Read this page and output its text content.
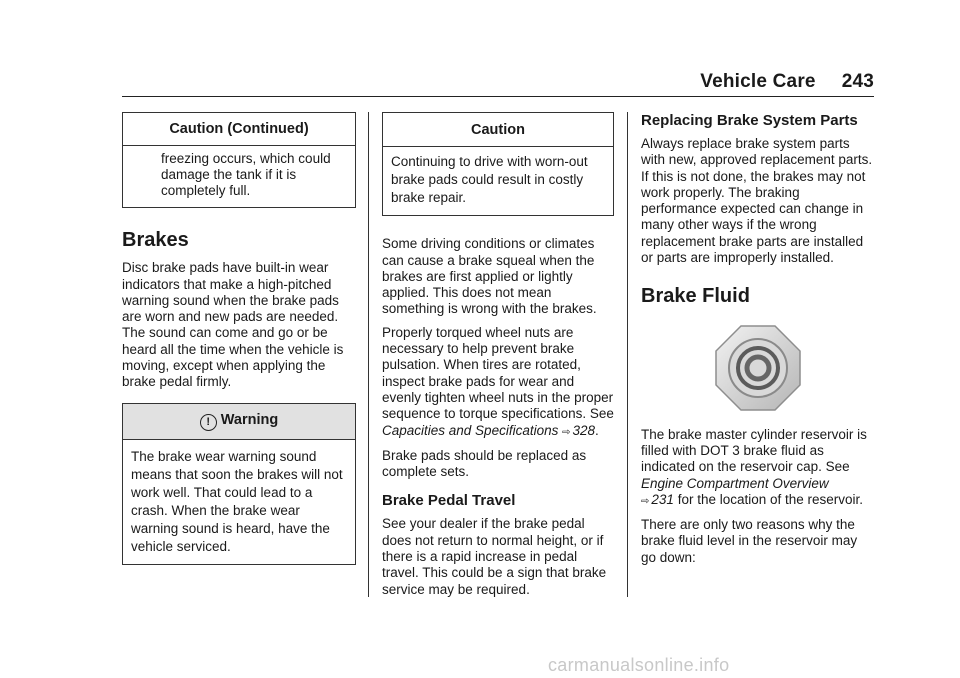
Vehicle Care 243
Caution (Continued)
freezing occurs, which could damage the tank if it is completely full.
Brakes

Disc brake pads have built-in wear indicators that make a high-pitched warning sound when the brake pads are worn and new pads are needed. The sound can come and go or be heard all the time when the vehicle is moving, except when applying the brake pedal firmly.

! Warning
The brake wear warning sound means that soon the brakes will not work well. That could lead to a crash. When the brake wear warning sound is heard, have the vehicle serviced.
Caution
Continuing to drive with worn-out brake pads could result in costly brake repair.

Some driving conditions or climates can cause a brake squeal when the brakes are first applied or lightly applied. This does not mean something is wrong with the brakes.

Properly torqued wheel nuts are necessary to help prevent brake pulsation. When tires are rotated, inspect brake pads for wear and evenly tighten wheel nuts in the proper sequence to torque specifications. See Capacities and Specifications ⇨ 328.

Brake pads should be replaced as complete sets.

Brake Pedal Travel

See your dealer if the brake pedal does not return to normal height, or if there is a rapid increase in pedal travel. This could be a sign that brake service may be required.

Replacing Brake System Parts

Always replace brake system parts with new, approved replacement parts. If this is not done, the brakes may not work properly. The braking performance expected can change in many other ways if the wrong replacement brake parts are installed or parts are improperly installed.

Brake Fluid

The brake master cylinder reservoir is filled with DOT 3 brake fluid as indicated on the reservoir cap. See Engine Compartment Overview
⇨ 231 for the location of the reservoir.

There are only two reasons why the brake fluid level in the reservoir may go down:

carmanualsonline.info
